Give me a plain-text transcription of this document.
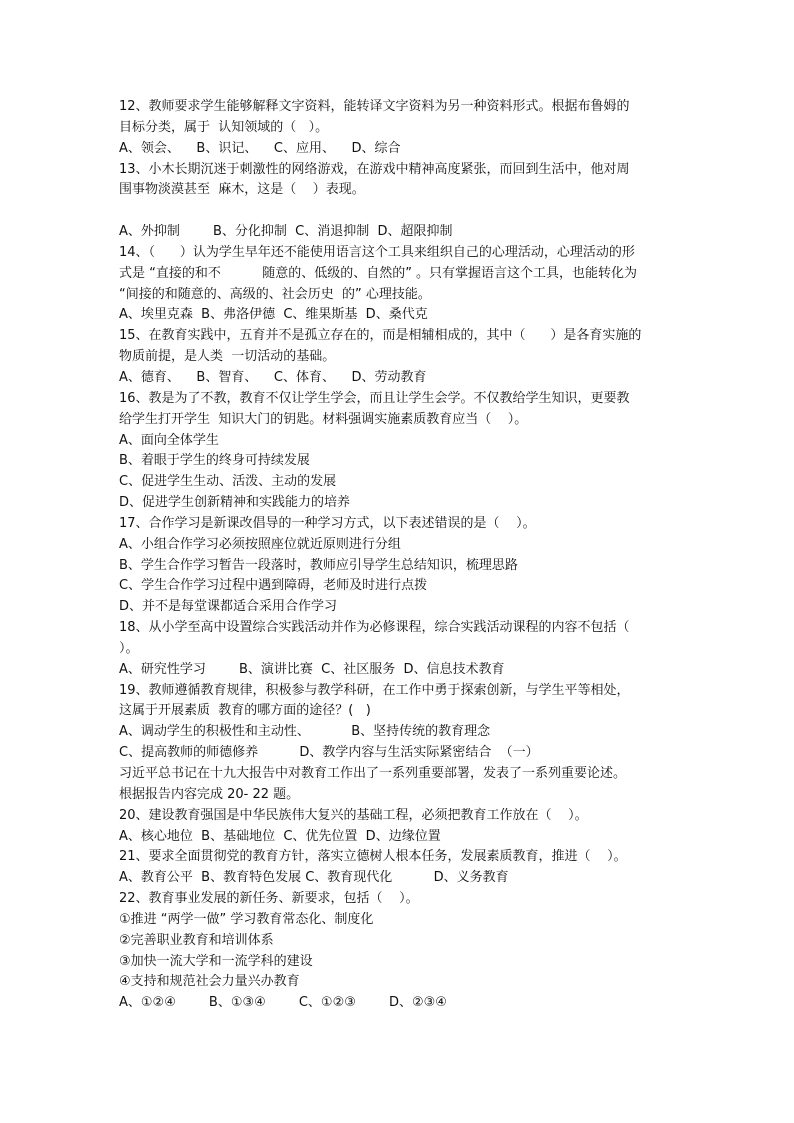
12、教师要求学生能够解释文字资料，能转译文字资料为另一种资料形式。根据布鲁姆的
目标分类，属于  认知领域的（   ）。
A、领会、    B、识记、    C、应用、    D、综合
13、小木长期沉迷于刺激性的网络游戏，在游戏中精神高度紧张，而回到生活中，他对周
围事物淡漠甚至  麻木，这是（    ）表现。
A、外抑制        B、分化抑制  C、消退抑制  D、超限抑制
14、（      ）认为学生早年还不能使用语言这个工具来组织自己的心理活动，心理活动的形
式是 “直接的和不          随意的、低级的、自然的” 。只有掌握语言这个工具，也能转化为
“间接的和随意的、高级的、社会历史  的” 心理技能。
A、埃里克森  B、弗洛伊德  C、维果斯基  D、桑代克
15、在教育实践中，五育并不是孤立存在的，而是相辅相成的，其中（      ）是各育实施的
物质前提，是人类  一切活动的基础。
A、德育、    B、智育、    C、体育、    D、劳动教育
16、教是为了不教，教育不仅让学生学会，而且让学生会学。不仅教给学生知识，更要教
给学生打开学生  知识大门的钥匙。材料强调实施素质教育应当（    ）。
A、面向全体学生
B、着眼于学生的终身可持续发展
C、促进学生生动、活泼、主动的发展
D、促进学生创新精神和实践能力的培养
17、合作学习是新课改倡导的一种学习方式，以下表述错误的是（    ）。
A、小组合作学习必须按照座位就近原则进行分组
B、学生合作学习暂告一段落时，教师应引导学生总结知识，梳理思路
C、学生合作学习过程中遇到障碍，老师及时进行点拨
D、并不是每堂课都适合采用合作学习
18、从小学至高中设置综合实践活动并作为必修课程，综合实践活动课程的内容不包括（
）。
A、研究性学习        B、演讲比赛  C、社区服务  D、信息技术教育
19、教师遵循教育规律，积极参与教学科研，在工作中勇于探索创新，与学生平等相处，
这属于开展素质  教育的哪方面的途径？(   )
A、调动学生的积极性和主动性、          B、坚持传统的教育理念
C、提高教师的师德修养          D、教学内容与生活实际紧密结合  （一）
习近平总书记在十九大报告中对教育工作出了一系列重要部署，发表了一系列重要论述。
根据报告内容完成 20- 22 题。
20、建设教育强国是中华民族伟大复兴的基础工程，必须把教育工作放在（    ）。
A、核心地位  B、基础地位  C、优先位置  D、边缘位置
21、要求全面贯彻党的教育方针，落实立德树人根本任务，发展素质教育，推进（    ）。
A、教育公平  B、教育特色发展 C、教育现代化          D、义务教育
22、教育事业发展的新任务、新要求，包括（    ）。
①推进 “两学一做” 学习教育常态化、制度化
②完善职业教育和培训体系
③加快一流大学和一流学科的建设
④支持和规范社会力量兴办教育
A、①②④        B、①③④        C、①②③        D、②③④
